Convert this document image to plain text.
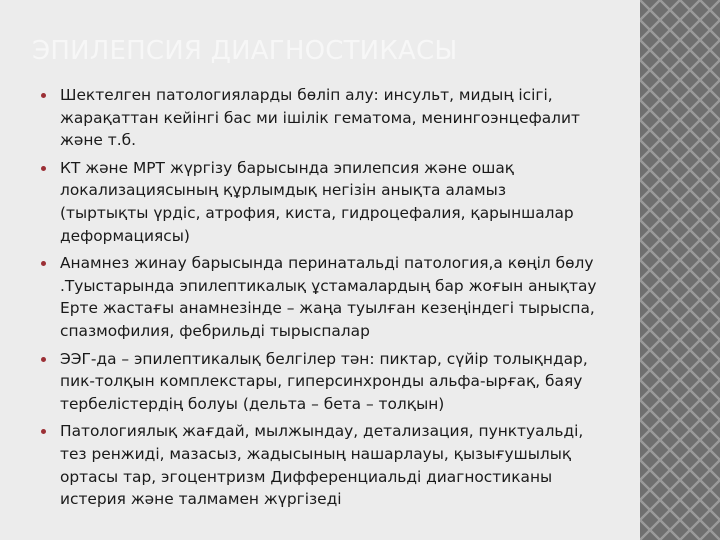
ЭПИЛЕПСИЯ ДИАГНОСТИКАСЫ
Шектелген патологияларды бөліп алу: инсульт, мидың ісігі, жарақаттан кейінгі бас ми ішілік гематома, менингоэнцефалит және т.б.
КТ және МРТ жүргізу барысында эпилепсия және ошақ локализациясының құрлымдық негізін анықта аламыз (тыртықты үрдіс, атрофия, киста, гидроцефалия, қарыншалар деформациясы)
Анамнез жинау барысында перинатальді патология,а көңіл бөлу .Туыстарында эпилептикалық ұстамалардың бар жоғын анықтау Ерте жастағы анамнезінде – жаңа туылған кезеңіндегі тырыспа, спазмофилия, фебрильді тырыспалар
ЭЭГ-да – эпилептикалық белгілер тән: пиктар, сүйір толықндар, пик-толқын комплекстары, гиперсинхронды альфа-ырғақ, баяу тербелістердің болуы (дельта – бета – толқын)
Патологиялық жағдай, мылжындау, детализация, пунктуальді, тез ренжиді, мазасыз, жадысының нашарлауы, қызығушылық ортасы тар, эгоцентризм Дифференциальді диагностиканы истерия және талмамен жүргізеді
